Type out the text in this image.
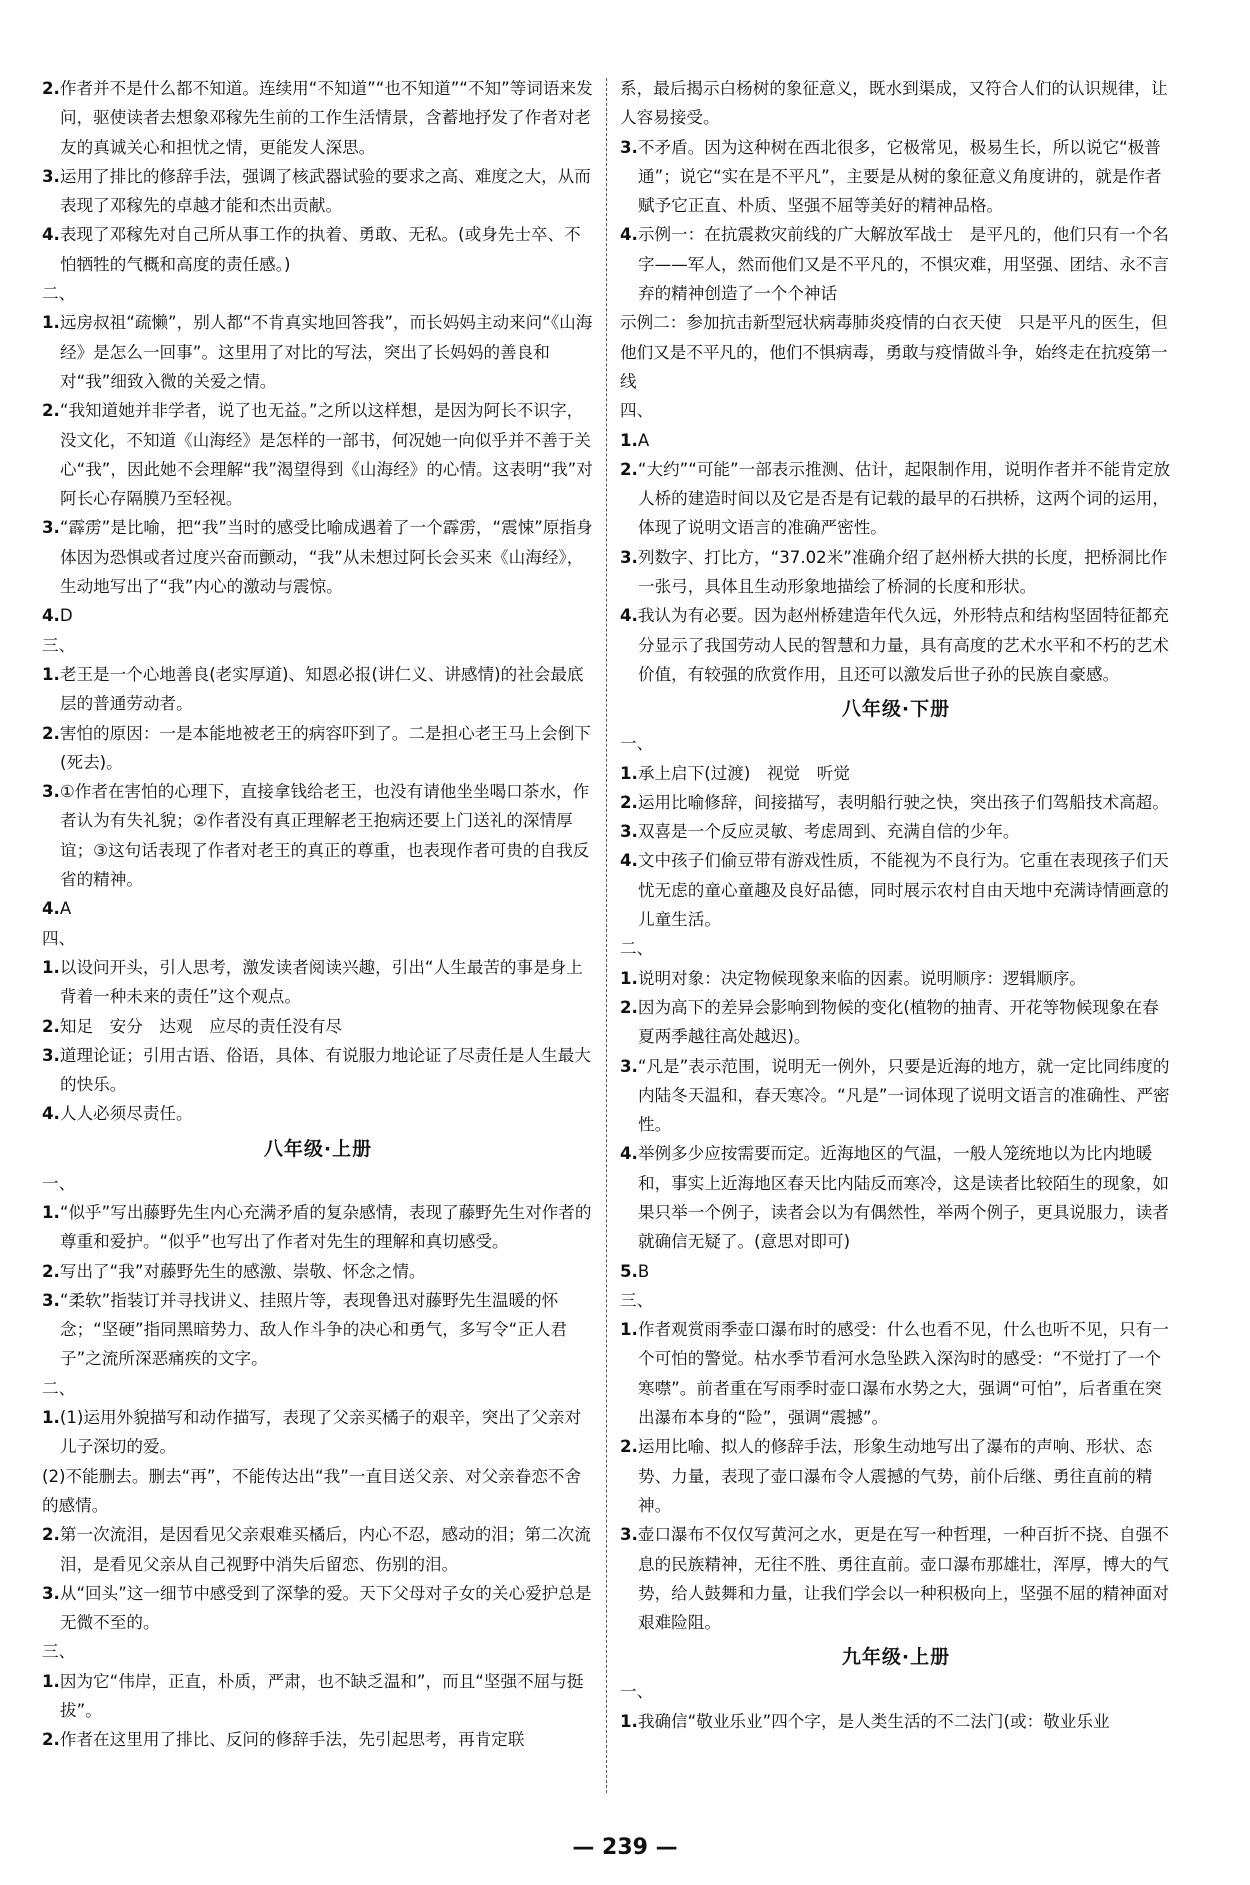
2.作者并不是什么都不知道。连续用“不知道”“也不知道”“不知”等词语来发问，驱使读者去想象邓稼先生前的工作生活情景，含蓄地抒发了作者对老友的真诚关心和担忧之情，更能发人深思。
3.运用了排比的修辞手法，强调了核武器试验的要求之高、难度之大，从而表现了邓稼先的卓越才能和杰出贡献。
4.表现了邓稼先对自己所从事工作的执着、勇敢、无私。(或身先士卒、不怕牺牲的气概和高度的责任感。)
二、
1.远房叔祖“疏懒”，别人都“不肯真实地回答我”，而长妈妈主动来问“《山海经》是怎么一回事”。这里用了对比的写法，突出了长妈妈的善良和对“我”细致入微的关爱之情。
2.“我知道她并非学者，说了也无益。”之所以这样想，是因为阿长不识字，没文化，不知道《山海经》是怎样的一部书，何况她一向似乎并不善于关心“我”，因此她不会理解“我”渴望得到《山海经》的心情。这表明“我”对阿长心存隔膜乃至轻视。
3.“霹雳”是比喻，把“我”当时的感受比喻成遇着了一个霹雳，“震悚”原指身体因为恐惧或者过度兴奋而颤动，“我”从未想过阿长会买来《山海经》，生动地写出了“我”内心的激动与震惊。
4.D
三、
1.老王是一个心地善良(老实厚道)、知恩必报(讲仁义、讲感情)的社会最底层的普通劳动者。
2.害怕的原因：一是本能地被老王的病容吓到了。二是担心老王马上会倒下(死去)。
3.①作者在害怕的心理下，直接拿钱给老王，也没有请他坐坐喝口茶水，作者认为有失礼貌；②作者没有真正理解老王抱病还要上门送礼的深情厚谊；③这句话表现了作者对老王的真正的尊重，也表现作者可贵的自我反省的精神。
4.A
四、
1.以设问开头，引人思考，激发读者阅读兴趣，引出“人生最苦的事是身上背着一种未来的责任”这个观点。
2.知足　安分　达观　应尽的责任没有尽
3.道理论证；引用古语、俗语，具体、有说服力地论证了尽责任是人生最大的快乐。
4.人人必须尽责任。
八年级·上册
一、
1.“似乎”写出藤野先生内心充满矛盾的复杂感情，表现了藤野先生对作者的尊重和爱护。“似乎”也写出了作者对先生的理解和真切感受。
2.写出了“我”对藤野先生的感激、崇敬、怀念之情。
3.“柔软”指装订并寻找讲义、挂照片等，表现鲁迅对藤野先生温暖的怀念；“坚硬”指同黑暗势力、敌人作斗争的决心和勇气，多写令“正人君子”之流所深恶痛疾的文字。
二、
1.(1)运用外貌描写和动作描写，表现了父亲买橘子的艰辛，突出了父亲对儿子深切的爱。
(2)不能删去。删去“再”，不能传达出“我”一直目送父亲、对父亲眷恋不舍的感情。
2.第一次流泪，是因看见父亲艰难买橘后，内心不忍，感动的泪；第二次流泪，是看见父亲从自己视野中消失后留恋、伤别的泪。
3.从“回头”这一细节中感受到了深挚的爱。天下父母对子女的关心爱护总是无微不至的。
三、
1.因为它“伟岸，正直，朴质，严肃，也不缺乏温和”，而且“坚强不屈与挺拔”。
2.作者在这里用了排比、反问的修辞手法，先引起思考，再肯定联
系，最后揭示白杨树的象征意义，既水到渠成，又符合人们的认识规律，让人容易接受。
3.不矛盾。因为这种树在西北很多，它极常见，极易生长，所以说它“极普通”；说它“实在是不平凡”，主要是从树的象征意义角度讲的，就是作者赋予它正直、朴质、坚强不屈等美好的精神品格。
4.示例一：在抗震救灾前线的广大解放军战士　是平凡的，他们只有一个名字——军人，然而他们又是不平凡的，不惧灾难，用坚强、团结、永不言弃的精神创造了一个个神话
示例二：参加抗击新型冠状病毒肺炎疫情的白衣天使　只是平凡的医生，但他们又是不平凡的，他们不惧病毒，勇敢与疫情做斗争，始终走在抗疫第一线
四、
1.A
2.“大约”“可能”一部表示推测、估计，起限制作用，说明作者并不能肯定放人桥的建造时间以及它是否是有记载的最早的石拱桥，这两个词的运用，体现了说明文语言的准确严密性。
3.列数字、打比方，“37.02米”准确介绍了赵州桥大拱的长度，把桥洞比作一张弓，具体且生动形象地描绘了桥洞的长度和形状。
4.我认为有必要。因为赵州桥建造年代久远，外形特点和结构坚固特征都充分显示了我国劳动人民的智慧和力量，具有高度的艺术水平和不朽的艺术价值，有较强的欣赏作用，且还可以激发后世子孙的民族自豪感。
八年级·下册
一、
1.承上启下(过渡)　视觉　听觉
2.运用比喻修辞，间接描写，表明船行驶之快，突出孩子们驾船技术高超。
3.双喜是一个反应灵敏、考虑周到、充满自信的少年。
4.文中孩子们偷豆带有游戏性质，不能视为不良行为。它重在表现孩子们天忧无虑的童心童趣及良好品德，同时展示农村自由天地中充满诗情画意的儿童生活。
二、
1.说明对象：决定物候现象来临的因素。说明顺序：逻辑顺序。
2.因为高下的差异会影响到物候的变化(植物的抽青、开花等物候现象在春夏两季越往高处越迟)。
3.“凡是”表示范围，说明无一例外，只要是近海的地方，就一定比同纬度的内陆冬天温和，春天寒冷。“凡是”一词体现了说明文语言的准确性、严密性。
4.举例多少应按需要而定。近海地区的气温，一般人笼统地以为比内地暖和，事实上近海地区春天比内陆反而寒冷，这是读者比较陌生的现象，如果只举一个例子，读者会以为有偶然性，举两个例子，更具说服力，读者就确信无疑了。(意思对即可)
5.B
三、
1.作者观赏雨季壶口瀑布时的感受：什么也看不见，什么也听不见，只有一个可怕的警觉。枯水季节看河水急坠跌入深沟时的感受：“不觉打了一个寒噤”。前者重在写雨季时壶口瀑布水势之大，强调“可怕”，后者重在突出瀑布本身的“险”，强调“震撼”。
2.运用比喻、拟人的修辞手法，形象生动地写出了瀑布的声响、形状、态势、力量，表现了壶口瀑布令人震撼的气势，前仆后继、勇往直前的精神。
3.壶口瀑布不仅仅写黄河之水，更是在写一种哲理，一种百折不挠、自强不息的民族精神，无往不胜、勇往直前。壶口瀑布那雄壮，浑厚，博大的气势，给人鼓舞和力量，让我们学会以一种积极向上，坚强不屈的精神面对艰难险阻。
九年级·上册
一、
1.我确信“敬业乐业”四个字，是人类生活的不二法门(或：敬业乐业
— 239 —
